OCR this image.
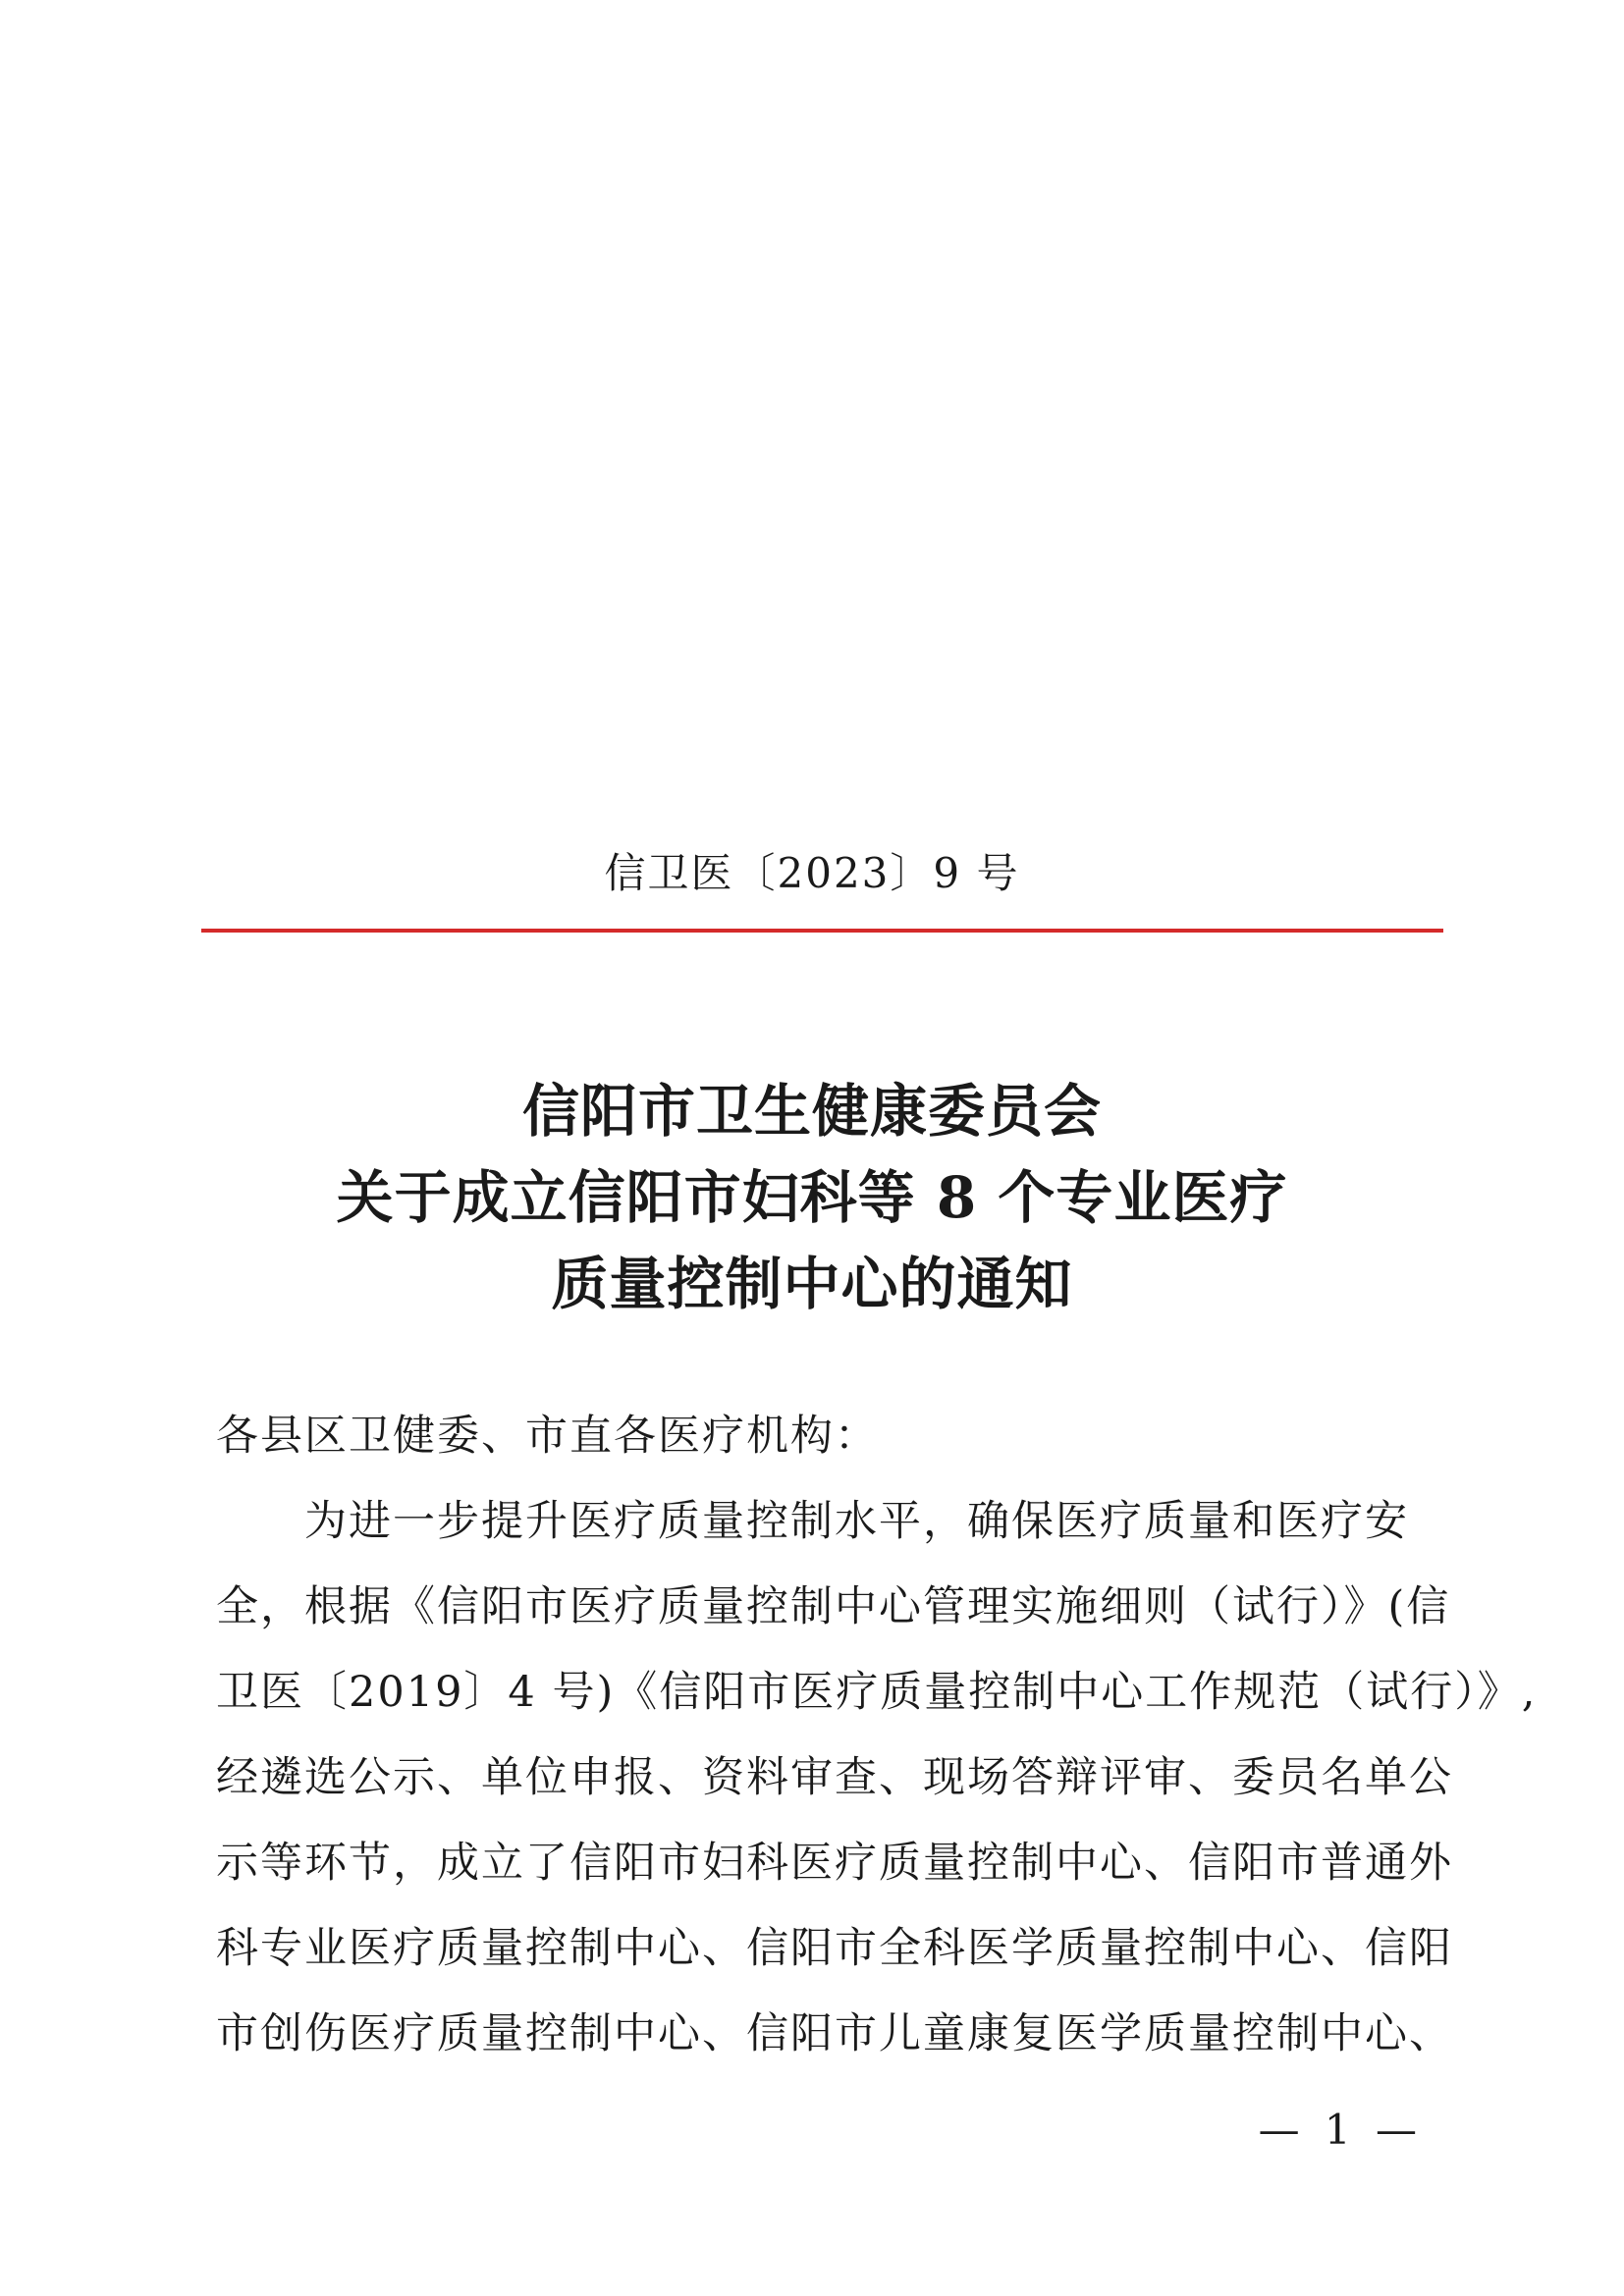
信卫医〔2023〕9 号
信阳市卫生健康委员会
关于成立信阳市妇科等 8 个专业医疗
质量控制中心的通知

各县区卫健委、市直各医疗机构：

为进一步提升医疗质量控制水平，确保医疗质量和医疗安

全，根据《信阳市医疗质量控制中心管理实施细则（试行）》(信

卫医〔2019〕4 号)《信阳市医疗质量控制中心工作规范（试行）》,

经遴选公示、单位申报、资料审查、现场答辩评审、委员名单公

示等环节，成立了信阳市妇科医疗质量控制中心、信阳市普通外

科专业医疗质量控制中心、信阳市全科医学质量控制中心、信阳

市创伤医疗质量控制中心、信阳市儿童康复医学质量控制中心、

— 1 —
